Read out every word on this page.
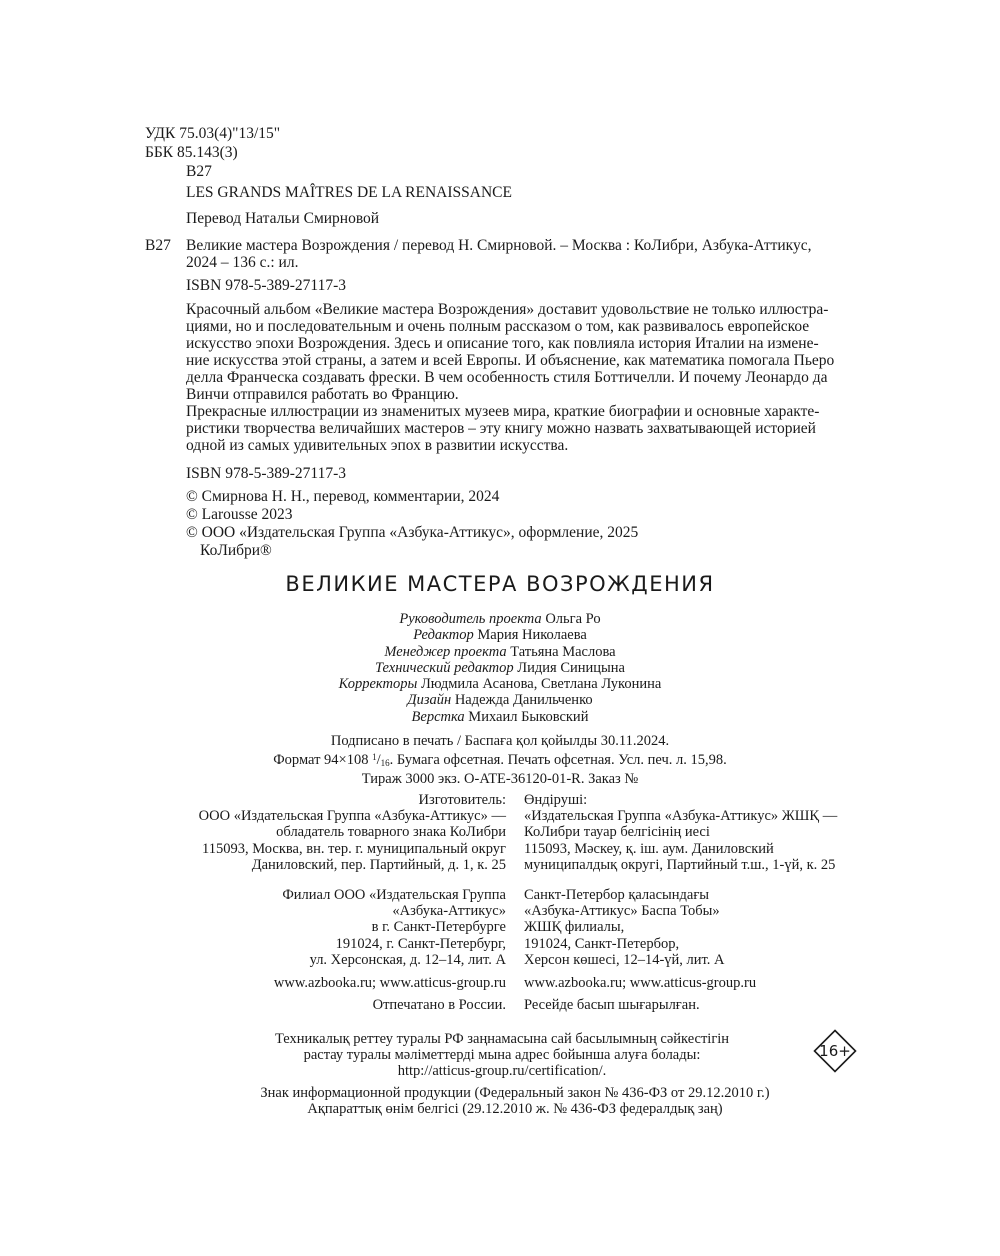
УДК 75.03(4)"13/15"
ББК 85.143(3)
В27
LES GRANDS MAÎTRES DE LA RENAISSANCE
Перевод Натальи Смирновой
В27 Великие мастера Возрождения / перевод Н. Смирновой. – Москва : КоЛибри, Азбука-Аттикус,
2024 – 136 с.: ил.
ISBN 978-5-389-27117-3
Красочный альбом «Великие мастера Возрождения» доставит удовольствие не только иллюстра-
циями, но и последовательным и очень полным рассказом о том, как развивалось европейское
искусство эпохи Возрождения. Здесь и описание того, как повлияла история Италии на измене-
ние искусства этой страны, а затем и всей Европы. И объяснение, как математика помогала Пьеро
делла Франческа создавать фрески. В чем особенность стиля Боттичелли. И почему Леонардо да
Винчи отправился работать во Францию.
Прекрасные иллюстрации из знаменитых музеев мира, краткие биографии и основные характе-
ристики творчества величайших мастеров – эту книгу можно назвать захватывающей историей
одной из самых удивительных эпох в развитии искусства.
ISBN 978-5-389-27117-3
© Смирнова Н. Н., перевод, комментарии, 2024
© Larousse 2023
© ООО «Издательская Группа «Азбука-Аттикус», оформление, 2025
КоЛибри®
ВЕЛИКИЕ МАСТЕРА ВОЗРОЖДЕНИЯ
Руководитель проекта Ольга Ро
Редактор Мария Николаева
Менеджер проекта Татьяна Маслова
Технический редактор Лидия Синицына
Корректоры Людмила Асанова, Светлана Луконина
Дизайн Надежда Данильченко
Верстка Михаил Быковский
Подписано в печать / Баспаға қол қойылды 30.11.2024.
Формат 94×108 $^1/_{16}$. Бумага офсетная. Печать офсетная. Усл. печ. л. 15,98.
Тираж 3000 экз. O-ATE-36120-01-R. Заказ №
Изготовитель:
ООО «Издательская Группа «Азбука-Аттикус» —
обладатель товарного знака КоЛибри
115093, Москва, вн. тер. г. муниципальный округ
Даниловский, пер. Партийный, д. 1, к. 25
Өндіруші:
«Издательская Группа «Азбука-Аттикус» ЖШҚ —
КоЛибри тауар белгісінің иесі
115093, Мәскеу, қ. іш. аум. Даниловский
муниципалдық округі, Партийный т.ш., 1-үй, к. 25
Филиал ООО «Издательская Группа
«Азбука-Аттикус»
в г. Санкт-Петербурге
191024, г. Санкт-Петербург,
ул. Херсонская, д. 12–14, лит. А
Санкт-Петербор қаласындағы
«Азбука-Аттикус» Баспа Тобы»
ЖШҚ филиалы,
191024, Санкт-Петербор,
Херсон көшесі, 12–14-үй, лит. А
www.azbooka.ru; www.atticus-group.ru www.azbooka.ru; www.atticus-group.ru
Отпечатано в России. Ресейде басып шығарылған.
Техникалық реттеу туралы РФ заңнамасына сай басылымның сәйкестігін
растау туралы мәліметтерді мына адрес бойынша алуға болады:
http://atticus-group.ru/certification/.
16+
Знак информационной продукции (Федеральный закон № 436-ФЗ от 29.12.2010 г.)
Ақпараттық өнім белгісі (29.12.2010 ж. № 436-ФЗ федералдық заң)
